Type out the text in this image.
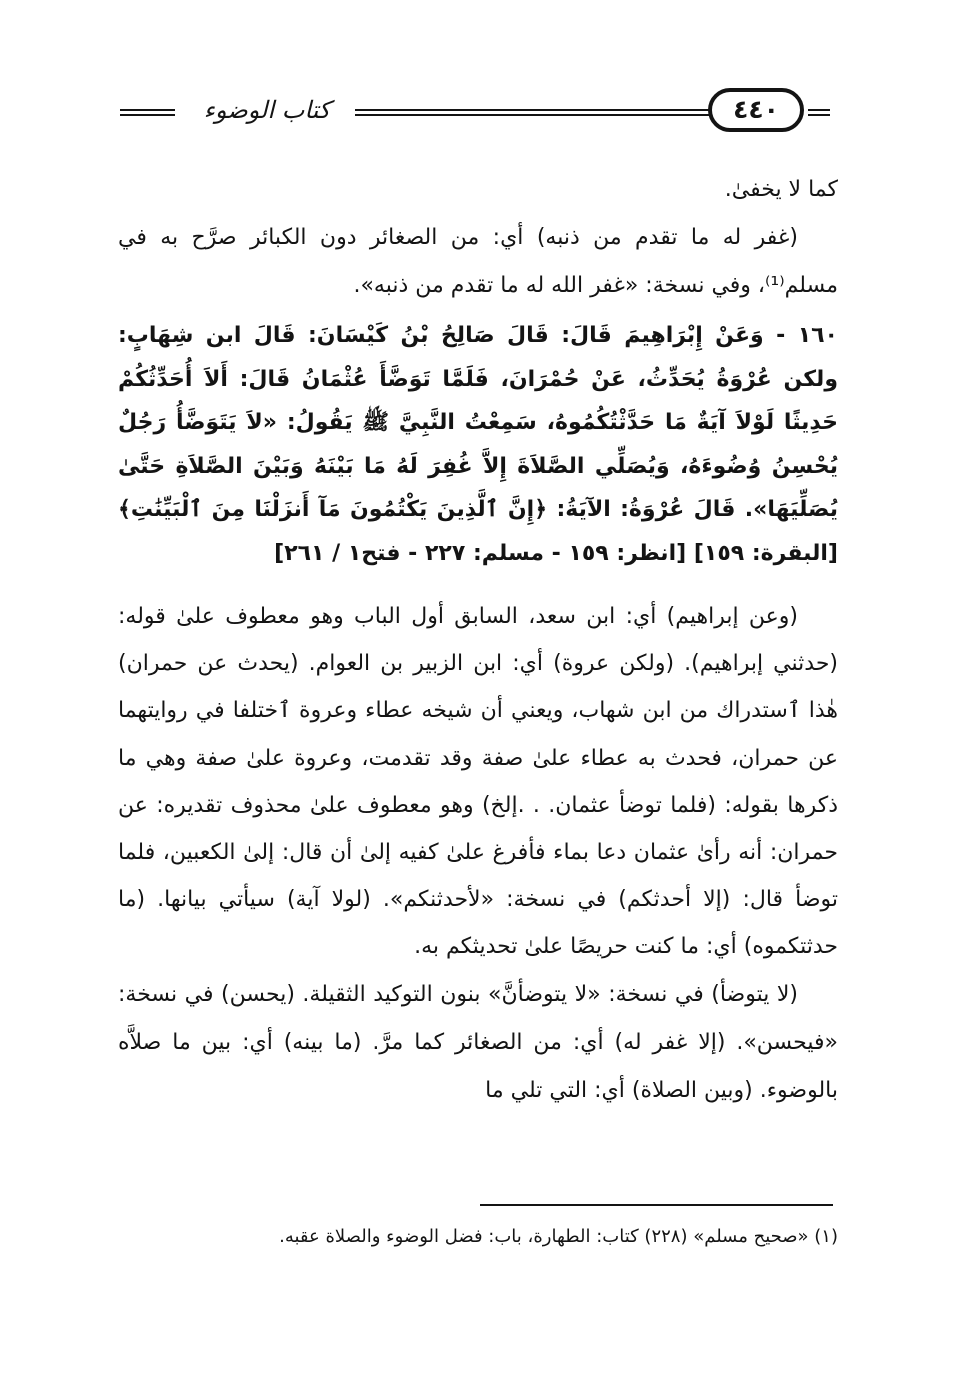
كتاب الوضوء	٤٤٠

كما لا يخفىٰ.

(غفر له ما تقدم من ذنبه) أي: من الصغائر دون الكبائر صرَّح به في مسلم⁽¹⁾، وفي نسخة: «غفر الله له ما تقدم من ذنبه».

١٦٠ - وَعَنْ إِبْرَاهِيمَ قَالَ: قَالَ صَالِحُ بْنُ كَيْسَانَ: قَالَ ابن شِهَابٍ: ولكن عُرْوَةُ يُحَدِّثُ، عَنْ حُمْرَانَ، فَلَمَّا تَوَضَّأَ عُثْمَانُ قَالَ: أَلاَ أُحَدِّثُكُمْ حَدِيثًا لَوْلاَ آيَةٌ مَا حَدَّثْتُكُمُوهُ، سَمِعْتُ النَّبِيَّ ﷺ يَقُولُ: «لاَ يَتَوَضَّأُ رَجُلٌ يُحْسِنُ وُضُوءَهُ، وَيُصَلِّي الصَّلاَةَ إِلاَّ غُفِرَ لَهُ مَا بَيْنَهُ وَبَيْنَ الصَّلاَةِ حَتَّىٰ يُصَلِّيَهَا». قَالَ عُرْوَةُ: الآيَةُ: ﴿إِنَّ ٱلَّذِينَ يَكْتُمُونَ مَآ أَنزَلْنَا مِنَ ٱلْبَيِّنَٰتِ﴾ [البقرة: ١٥٩] [انظر: ١٥٩ - مسلم: ٢٢٧ - فتح١ / ٢٦١]

(وعن إبراهيم) أي: ابن سعد، السابق أول الباب وهو معطوف علىٰ قوله: (حدثني إبراهيم). (ولكن عروة) أي: ابن الزبير بن العوام. (يحدث عن حمران) هٰذا ٱستدراك من ابن شهاب، ويعني أن شيخه عطاء وعروة ٱختلفا في روايتهما عن حمران، فحدث به عطاء علىٰ صفة وقد تقدمت، وعروة علىٰ صفة وهي ما ذكرها بقوله: (فلما توضأ عثمان. . .إلخ) وهو معطوف علىٰ محذوف تقديره: عن حمران: أنه رأىٰ عثمان دعا بماء فأفرغ علىٰ كفيه إلىٰ أن قال: إلىٰ الكعبين، فلما توضأ قال: (إلا أحدثكم) في نسخة: «لأحدثنكم». (لولا آية) سيأتي بيانها. (ما حدثتكموه) أي: ما كنت حريصًا علىٰ تحديثكم به.

(لا يتوضأ) في نسخة: «لا يتوضأنَّ» بنون التوكيد الثقيلة. (يحسن) في نسخة: «فيحسن». (إلا غفر له) أي: من الصغائر كما مرَّ. (ما بينه) أي: بين ما صلاَّه بالوضوء. (وبين الصلاة) أي: التي تلي ما

(١) «صحيح مسلم» (٢٢٨) كتاب: الطهارة، باب: فضل الوضوء والصلاة عقبه.
